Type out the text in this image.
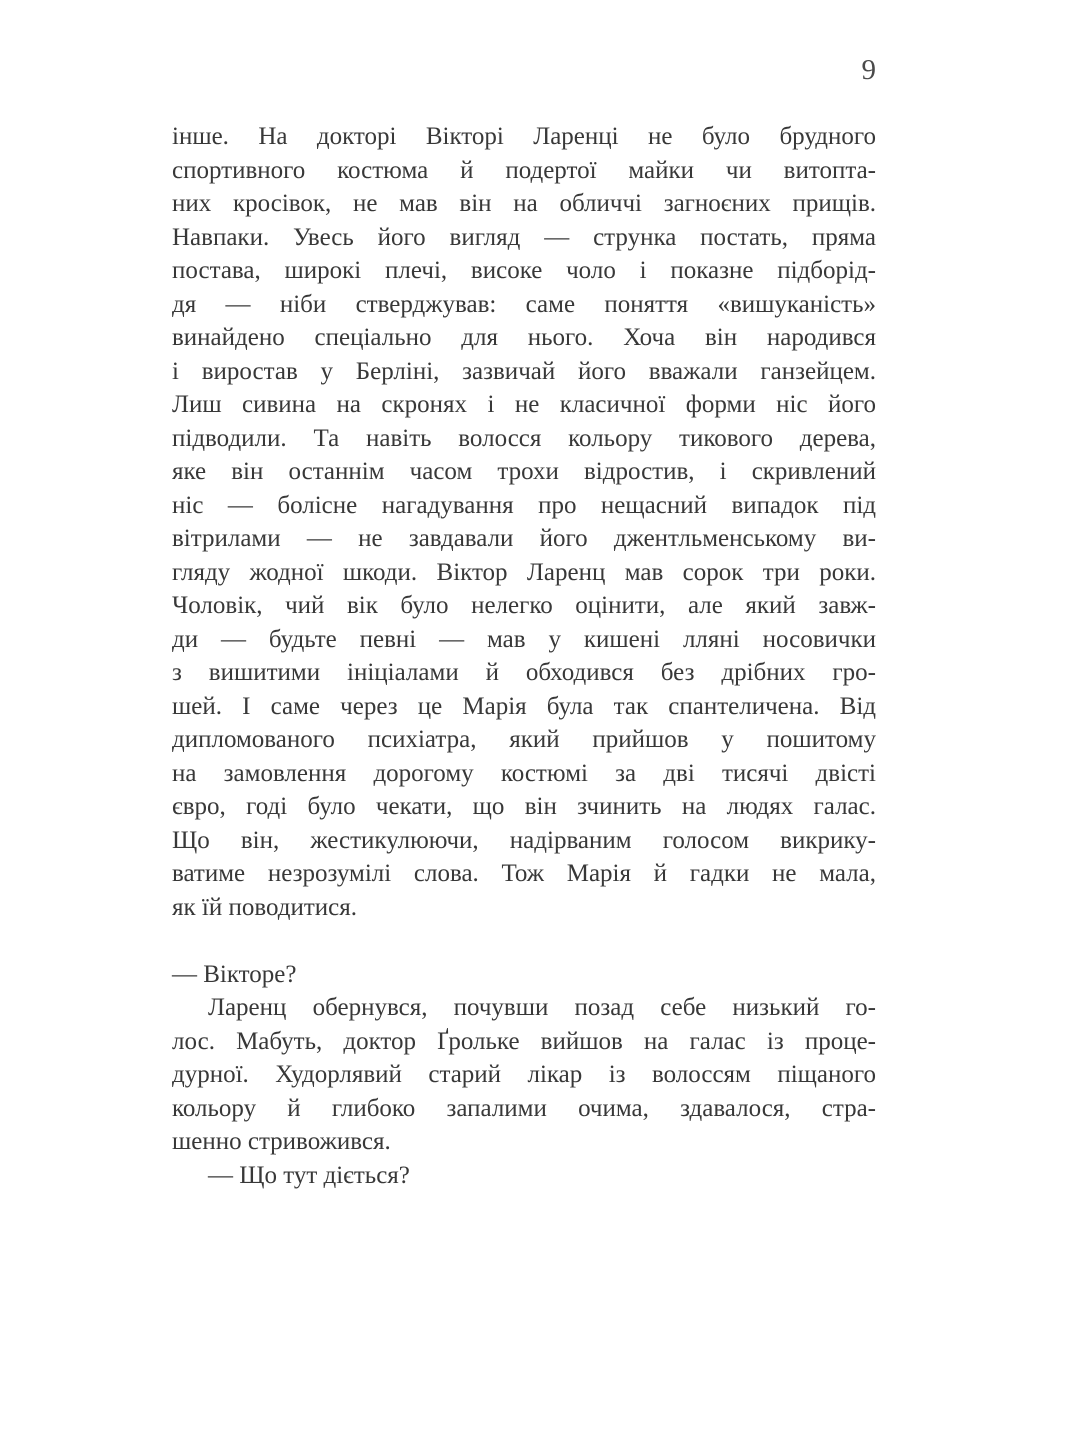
9
інше. На докторі Вікторі Ларенці не було брудного
спортивного костюма й подертої майки чи витопта-
них кросівок, не мав він на обличчі загноєних прищів.
Навпаки. Увесь його вигляд — струнка постать, пряма
постава, широкі плечі, високе чоло і показне підборід-
дя — ніби стверджував: саме поняття «вишуканість»
винайдено спеціально для нього. Хоча він народився
і виростав у Берліні, зазвичай його вважали ганзейцем.
Лиш сивина на скронях і не класичної форми ніс його
підводили. Та навіть волосся кольору тикового дерева,
яке він останнім часом трохи відростив, і скривлений
ніс — болісне нагадування про нещасний випадок під
вітрилами — не завдавали його джентльменському ви-
гляду жодної шкоди. Віктор Ларенц мав сорок три роки.
Чоловік, чий вік було нелегко оцінити, але який завж-
ди — будьте певні — мав у кишені лляні носовички
з вишитими ініціалами й обходився без дрібних гро-
шей. І саме через це Марія була так спантеличена. Від
дипломованого психіатра, який прийшов у пошитому
на замовлення дорогому костюмі за дві тисячі двісті
євро, годі було чекати, що він зчинить на людях галас.
Що він, жестикулюючи, надірваним голосом викрику-
ватиме незрозумілі слова. Тож Марія й гадки не мала,
як їй поводитися.
— Вікторе?
Ларенц обернувся, почувши позад себе низький го-
лос. Мабуть, доктор Ґрольке вийшов на галас із проце-
дурної. Худорлявий старий лікар із волоссям піщаного
кольору й глибоко запалими очима, здавалося, стра-
шенно стривожився.
— Що тут діється?
